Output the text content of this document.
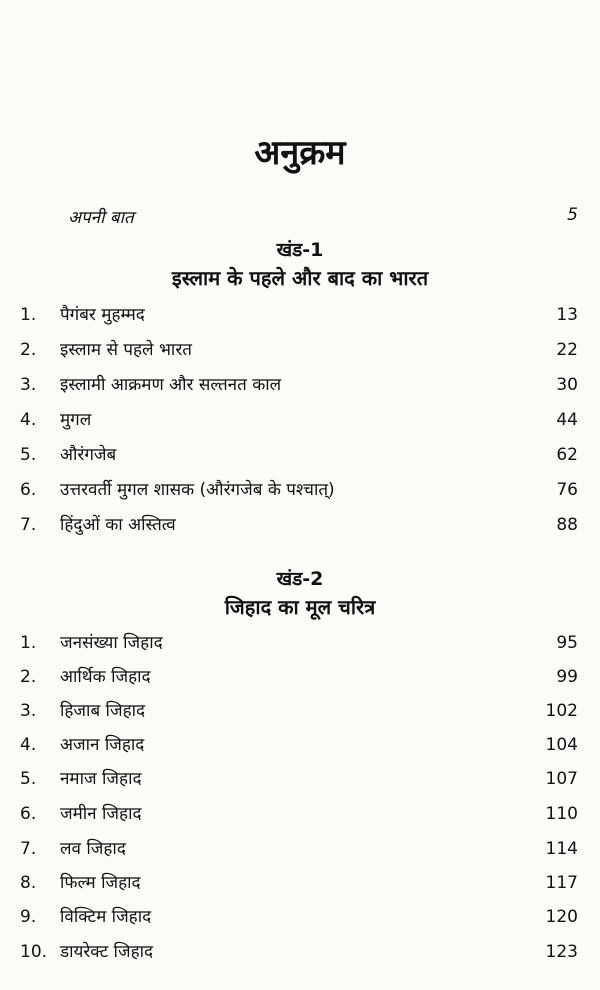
अनुक्रम
अपनी बात	5
खंड-1
इस्लाम के पहले और बाद का भारत
1.	पैगंबर मुहम्मद	13
2.	इस्लाम से पहले भारत	22
3.	इस्लामी आक्रमण और सल्तनत काल	30
4.	मुगल	44
5.	औरंगजेब	62
6.	उत्तरवर्ती मुगल शासक (औरंगजेब के पश्चात्)	76
7.	हिंदुओं का अस्तित्व	88
खंड-2
जिहाद का मूल चरित्र
1.	जनसंख्या जिहाद	95
2.	आर्थिक जिहाद	99
3.	हिजाब जिहाद	102
4.	अजान जिहाद	104
5.	नमाज जिहाद	107
6.	जमीन जिहाद	110
7.	लव जिहाद	114
8.	फिल्म जिहाद	117
9.	विक्टिम जिहाद	120
10. डायरेक्ट जिहाद	123
